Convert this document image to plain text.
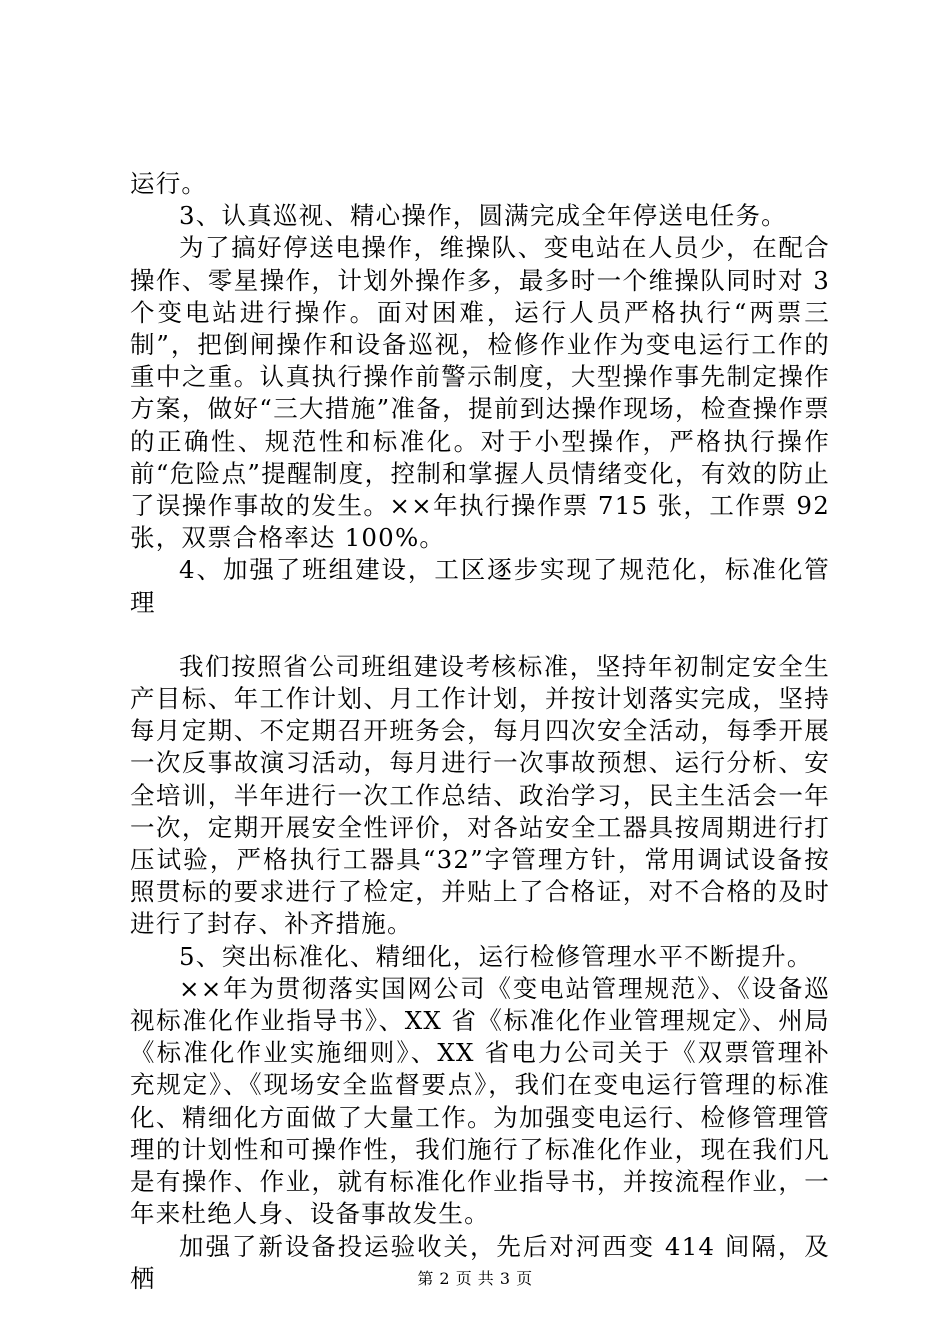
运行。

3、认真巡视、精心操作，圆满完成全年停送电任务。

为了搞好停送电操作，维操队、变电站在人员少，在配合操作、零星操作，计划外操作多，最多时一个维操队同时对 3 个变电站进行操作。面对困难，运行人员严格执行“两票三制”，把倒闸操作和设备巡视，检修作业作为变电运行工作的重中之重。认真执行操作前警示制度，大型操作事先制定操作方案，做好“三大措施”准备，提前到达操作现场，检查操作票的正确性、规范性和标准化。对于小型操作，严格执行操作前“危险点”提醒制度，控制和掌握人员情绪变化，有效的防止了误操作事故的发生。××年执行操作票 715 张，工作票 92 张，双票合格率达 100%。

4、加强了班组建设，工区逐步实现了规范化，标准化管理

我们按照省公司班组建设考核标准，坚持年初制定安全生产目标、年工作计划、月工作计划，并按计划落实完成，坚持每月定期、不定期召开班务会，每月四次安全活动，每季开展一次反事故演习活动，每月进行一次事故预想、运行分析、安全培训，半年进行一次工作总结、政治学习，民主生活会一年一次，定期开展安全性评价，对各站安全工器具按周期进行打压试验，严格执行工器具“32”字管理方针，常用调试设备按照贯标的要求进行了检定，并贴上了合格证，对不合格的及时进行了封存、补齐措施。

5、突出标准化、精细化，运行检修管理水平不断提升。

××年为贯彻落实国网公司《变电站管理规范》、《设备巡视标准化作业指导书》、XX 省《标准化作业管理规定》、州局《标准化作业实施细则》、XX 省电力公司关于《双票管理补充规定》、《现场安全监督要点》，我们在变电运行管理的标准化、精细化方面做了大量工作。为加强变电运行、检修管理管理的计划性和可操作性，我们施行了标准化作业，现在我们凡是有操作、作业，就有标准化作业指导书，并按流程作业，一年来杜绝人身、设备事故发生。

加强了新设备投运验收关，先后对河西变 414 间隔，及栖	第 2 页 共 3 页
